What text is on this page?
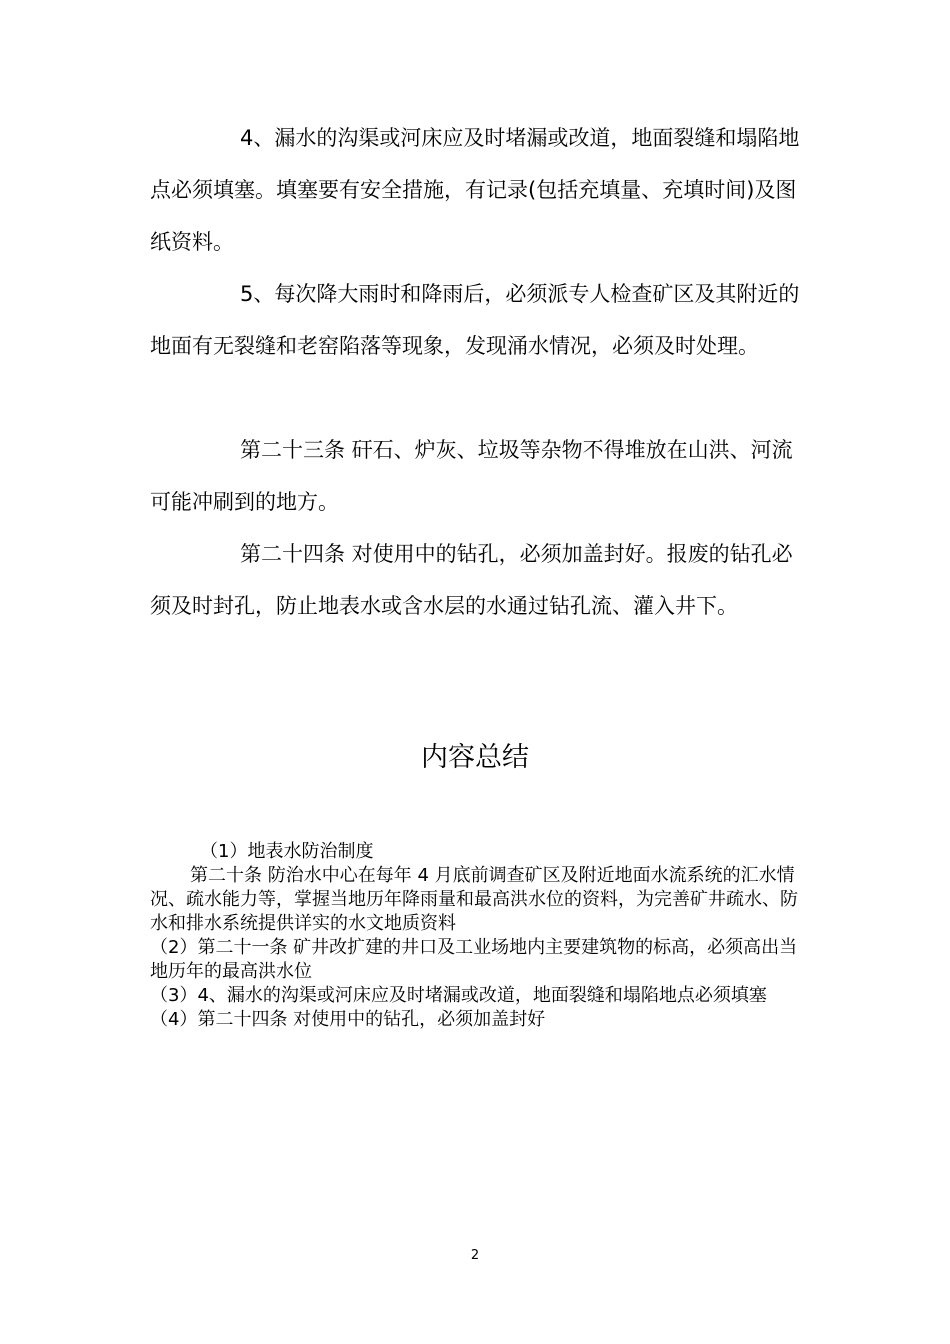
4、漏水的沟渠或河床应及时堵漏或改道，地面裂缝和塌陷地点必须填塞。填塞要有安全措施，有记录(包括充填量、充填时间)及图纸资料。

5、每次降大雨时和降雨后，必须派专人检查矿区及其附近的地面有无裂缝和老窑陷落等现象，发现涌水情况，必须及时处理。

第二十三条 矸石、炉灰、垃圾等杂物不得堆放在山洪、河流可能冲刷到的地方。

第二十四条 对使用中的钻孔，必须加盖封好。报废的钻孔必须及时封孔，防止地表水或含水层的水通过钻孔流、灌入井下。

内容总结

（1）地表水防治制度

第二十条 防治水中心在每年 4 月底前调查矿区及附近地面水流系统的汇水情况、疏水能力等，掌握当地历年降雨量和最高洪水位的资料，为完善矿井疏水、防水和排水系统提供详实的水文地质资料

（2）第二十一条 矿井改扩建的井口及工业场地内主要建筑物的标高，必须高出当地历年的最高洪水位

（3）4、漏水的沟渠或河床应及时堵漏或改道，地面裂缝和塌陷地点必须填塞

（4）第二十四条 对使用中的钻孔，必须加盖封好

2
